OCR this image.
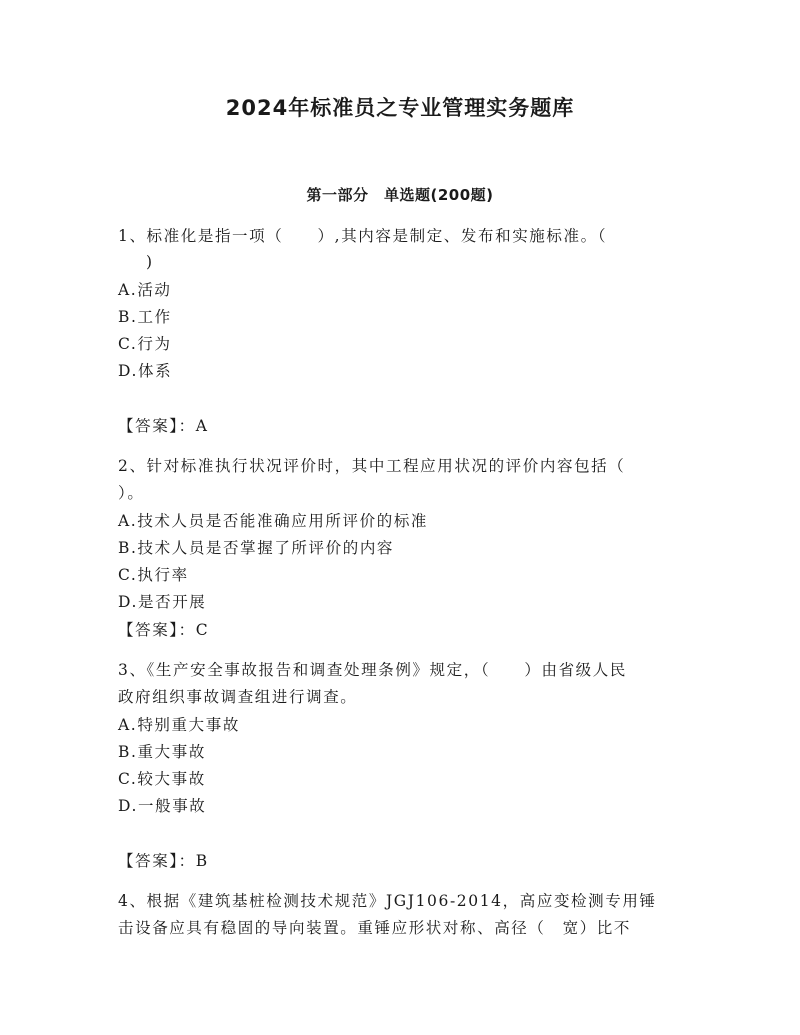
2024年标准员之专业管理实务题库
第一部分　单选题(200题)
1、标准化是指一项（　　）,其内容是制定、发布和实施标准。（
)
A.活动
B.工作
C.行为
D.体系
【答案】：A
2、针对标准执行状况评价时，其中工程应用状况的评价内容包括（
）。
A.技术人员是否能准确应用所评价的标准
B.技术人员是否掌握了所评价的内容
C.执行率
D.是否开展
【答案】：C
3、《生产安全事故报告和调查处理条例》规定，（　　）由省级人民
政府组织事故调查组进行调查。
A.特别重大事故
B.重大事故
C.较大事故
D.一般事故
【答案】：B
4、根据《建筑基桩检测技术规范》JGJ106-2014，高应变检测专用锤
击设备应具有稳固的导向装置。重锤应形状对称、高径（　宽）比不
